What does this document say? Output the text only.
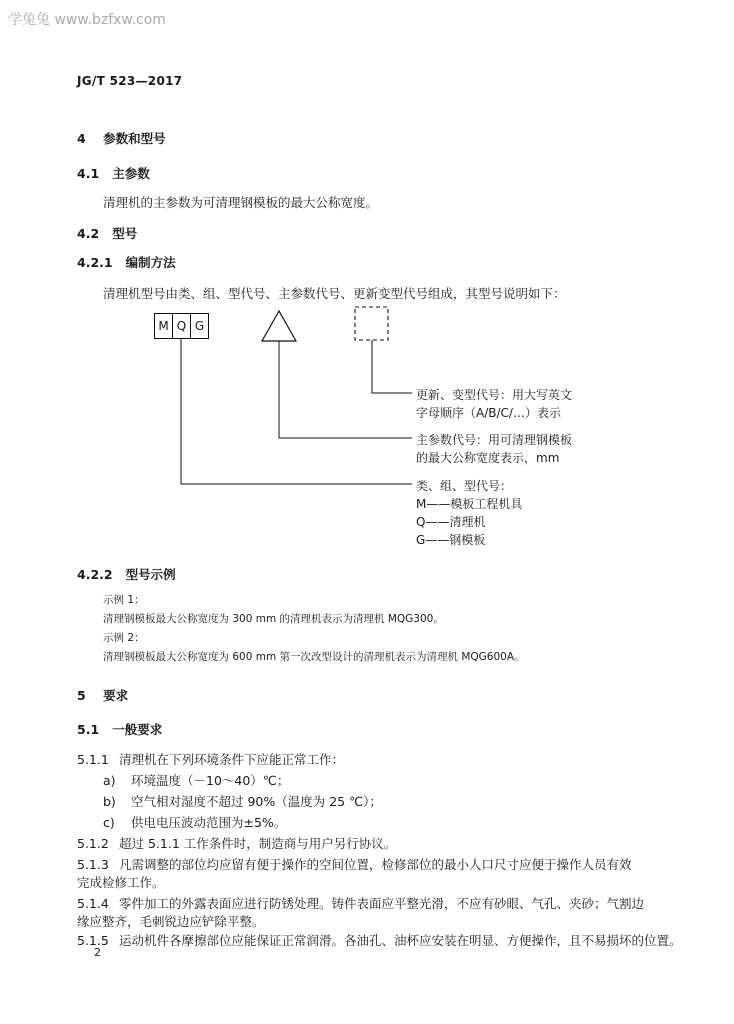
学兔兔 www.bzfxw.com
JG/T 523—2017
4 参数和型号
4.1 主参数
清理机的主参数为可清理钢模板的最大公称宽度。
4.2 型号
4.2.1 编制方法
清理机型号由类、组、型代号、主参数代号、更新变型代号组成，其型号说明如下：
M Q G
更新、变型代号：用大写英文
字母顺序（A/B/C/…）表示
主参数代号：用可清理钢模板
的最大公称宽度表示，mm
类、组、型代号：
M——模板工程机具
Q——清理机
G——钢模板
4.2.2 型号示例
示例 1：
清理钢模板最大公称宽度为 300 mm 的清理机表示为清理机 MQG300。
示例 2：
清理钢模板最大公称宽度为 600 mm 第一次改型设计的清理机表示为清理机 MQG600A。
5 要求
5.1 一般要求
5.1.1 清理机在下列环境条件下应能正常工作：
a) 环境温度（－10～40）℃；
b) 空气相对湿度不超过 90%（温度为 25 ℃）；
c) 供电电压波动范围为±5%。
5.1.2 超过 5.1.1 工作条件时，制造商与用户另行协议。
5.1.3 凡需调整的部位均应留有便于操作的空间位置，检修部位的最小人口尺寸应便于操作人员有效
完成检修工作。
5.1.4 零件加工的外露表面应进行防锈处理。铸件表面应平整光滑，不应有砂眼、气孔、夹砂；气割边
缘应整齐，毛刺锐边应铲除平整。
5.1.5 运动机件各摩擦部位应能保证正常润滑。各油孔、油杯应安装在明显、方便操作，且不易损坏的位置。
2
